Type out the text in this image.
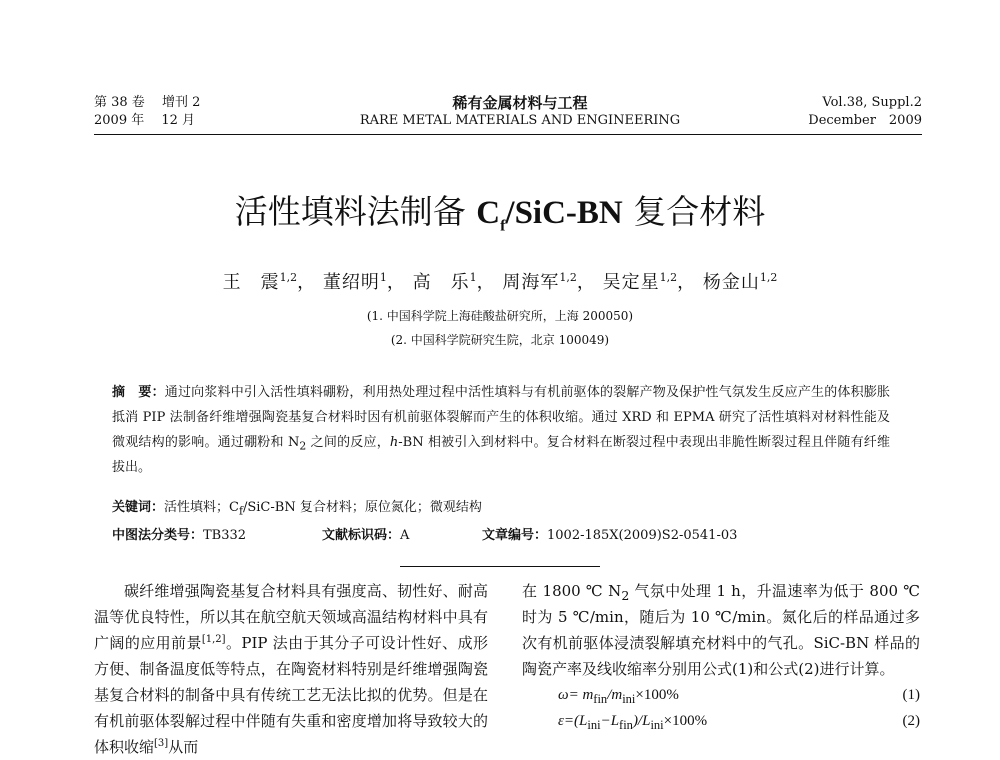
第 38 卷　 增刊 2
2009 年　 12 月
稀有金属材料与工程
RARE METAL MATERIALS AND ENGINEERING
Vol.38, Suppl.2
December　2009
活性填料法制备 $C_f/SiC-BN$ 复合材料
王　震$^{1,2}$， 董绍明$^1$， 高　乐$^1$， 周海军$^{1,2}$， 吴定星$^{1,2}$， 杨金山$^{1,2}$
(1. 中国科学院上海硅酸盐研究所，上海 200050)
(2. 中国科学院研究生院，北京 100049)
摘　要：通过向浆料中引入活性填料硼粉，利用热处理过程中活性填料与有机前驱体的裂解产物及保护性气氛发生反应产生的体积膨胀抵消 PIP 法制备纤维增强陶瓷基复合材料时因有机前驱体裂解而产生的体积收缩。通过 XRD 和 EPMA 研究了活性填料对材料性能及微观结构的影响。通过硼粉和 $N_2$ 之间的反应，h-BN 相被引入到材料中。复合材料在断裂过程中表现出非脆性断裂过程且伴随有纤维拔出。
关键词：活性填料；$C_f/SiC-BN$ 复合材料；原位氮化；微观结构
中图法分类号：TB332	文献标识码：A	文章编号：1002-185X(2009)S2-0541-03

碳纤维增强陶瓷基复合材料具有强度高、韧性好、耐高温等优良特性，所以其在航空航天领域高温结构材料中具有广阔的应用前景[1,2]。PIP 法由于其分子可设计性好、成形方便、制备温度低等特点，在陶瓷材料特别是纤维增强陶瓷基复合材料的制备中具有传统工艺无法比拟的优势。但是在有机前驱体裂解过程中伴随有失重和密度增加将导致较大的体积收缩[3]从而

在 1800 ℃ $N_2$ 气氛中处理 1 h，升温速率为低于 800 ℃ 时为 5 ℃/min，随后为 10 ℃/min。氮化后的样品通过多次有机前驱体浸渍裂解填充材料中的气孔。SiC-BN 样品的陶瓷产率及线收缩率分别用公式(1)和公式(2)进行计算。

$\omega= m_{fin}/m_{ini}\times 100\%$	(1)
$\varepsilon=(L_{ini}-L_{fin})/L_{ini}\times 100\%$	(2)
